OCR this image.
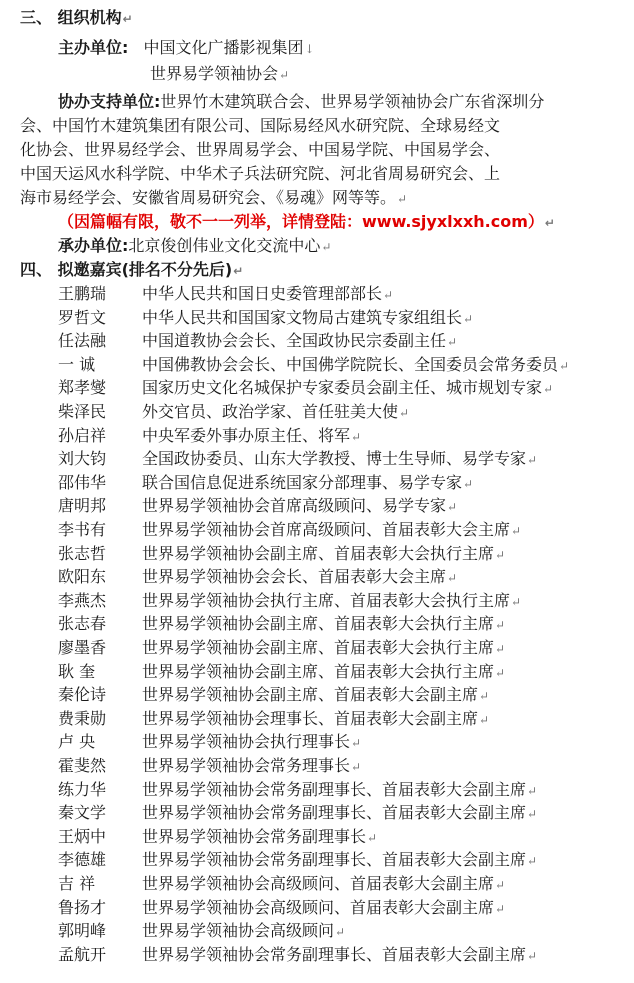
三、 组织机构↵
主办单位: 中国文化广播影视集团↓
世界易学领袖协会↵
协办支持单位:世界竹木建筑联合会、世界易学领袖协会广东省深圳分
会、中国竹木建筑集团有限公司、国际易经风水研究院、全球易经文
化协会、世界易经学会、世界周易学会、中国易学院、中国易学会、
中国天运风水科学院、中华术子兵法研究院、河北省周易研究会、上
海市易经学会、安徽省周易研究会、《易魂》网等等。↵
（因篇幅有限，敬不一一列举，详情登陆：www.sjyxlxxh.com）↵
承办单位:北京俊创伟业文化交流中心↵
四、 拟邀嘉宾(排名不分先后)↵
王鹏瑞 中华人民共和国日史委管理部部长↵
罗哲文 中华人民共和国国家文物局古建筑专家组组长↵
任法融 中国道教协会会长、全国政协民宗委副主任↵
一 诚	中国佛教协会会长、中国佛学院院长、全国委员会常务委员↵
郑孝燮 国家历史文化名城保护专家委员会副主任、城市规划专家↵
柴泽民 外交官员、政治学家、首任驻美大使↵
孙启祥 中央军委外事办原主任、将军↵
刘大钧 全国政协委员、山东大学教授、博士生导师、易学专家↵
邵伟华 联合国信息促进系统国家分部理事、易学专家↵
唐明邦 世界易学领袖协会首席高级顾问、易学专家↵
李书有 世界易学领袖协会首席高级顾问、首届表彰大会主席↵
张志哲 世界易学领袖协会副主席、首届表彰大会执行主席↵
欧阳东 世界易学领袖协会会长、首届表彰大会主席↵
李燕杰 世界易学领袖协会执行主席、首届表彰大会执行主席↵
张志春 世界易学领袖协会副主席、首届表彰大会执行主席↵
廖墨香 世界易学领袖协会副主席、首届表彰大会执行主席↵
耿 奎	世界易学领袖协会副主席、首届表彰大会执行主席↵
秦伦诗 世界易学领袖协会副主席、首届表彰大会副主席↵
费秉勋 世界易学领袖协会理事长、首届表彰大会副主席↵
卢 央	世界易学领袖协会执行理事长↵
霍斐然 世界易学领袖协会常务理事长↵
练力华 世界易学领袖协会常务副理事长、首届表彰大会副主席↵
秦文学 世界易学领袖协会常务副理事长、首届表彰大会副主席↵
王炳中 世界易学领袖协会常务副理事长↵
李德雄 世界易学领袖协会常务副理事长、首届表彰大会副主席↵
吉 祥	世界易学领袖协会高级顾问、首届表彰大会副主席↵
鲁扬才 世界易学领袖协会高级顾问、首届表彰大会副主席↵
郭明峰 世界易学领袖协会高级顾问↵
孟航开 世界易学领袖协会常务副理事长、首届表彰大会副主席↵
